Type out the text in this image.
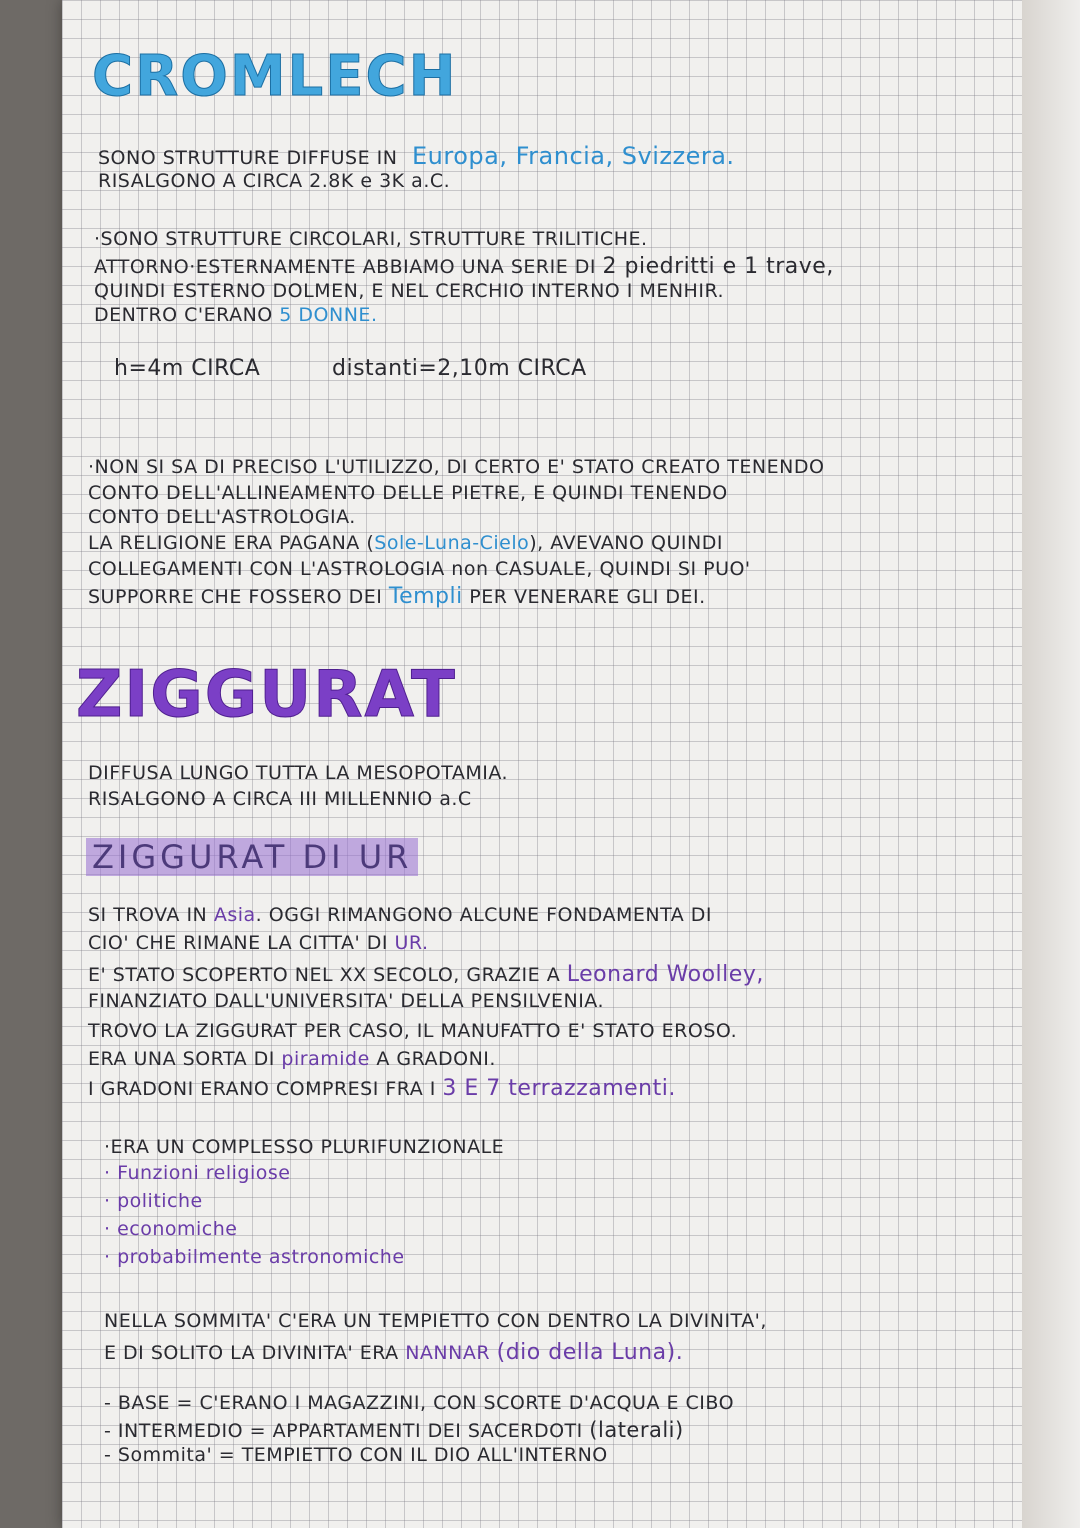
CROMLECH
SONO STRUTTURE DIFFUSE IN Europa, Francia, Svizzera.
RISALGONO A CIRCA 2.8K e 3K a.C.
·SONO STRUTTURE CIRCOLARI, STRUTTURE TRILITICHE.
ATTORNO·ESTERNAMENTE ABBIAMO UNA SERIE DI 2 piedritti e 1 trave,
QUINDI ESTERNO DOLMEN, E NEL CERCHIO INTERNO I MENHIR.
DENTRO C'ERANO 5 DONNE.
h=4m CIRCA	distanti=2,10m CIRCA
·NON SI SA DI PRECISO L'UTILIZZO, DI CERTO E' STATO CREATO TENENDO
CONTO DELL'ALLINEAMENTO DELLE PIETRE, E QUINDI TENENDO
CONTO DELL'ASTROLOGIA.
LA RELIGIONE ERA PAGANA (Sole-Luna-Cielo), AVEVANO QUINDI
COLLEGAMENTI CON L'ASTROLOGIA non CASUALE, QUINDI SI PUO'
SUPPORRE CHE FOSSERO DEI Templi PER VENERARE GLI DEI.
ZIGGURAT
DIFFUSA LUNGO TUTTA LA MESOPOTAMIA.
RISALGONO A CIRCA III MILLENNIO a.C
ZIGGURAT DI UR
SI TROVA IN Asia. OGGI RIMANGONO ALCUNE FONDAMENTA DI
CIO' CHE RIMANE LA CITTA' DI UR.
E' STATO SCOPERTO NEL XX SECOLO, GRAZIE A Leonard Woolley,
FINANZIATO DALL'UNIVERSITA' DELLA PENSILVENIA.
TROVO LA ZIGGURAT PER CASO, IL MANUFATTO E' STATO EROSO.
ERA UNA SORTA DI piramide A GRADONI.
I GRADONI ERANO COMPRESI FRA I 3 E 7 terrazzamenti.
·ERA UN COMPLESSO PLURIFUNZIONALE
· Funzioni religiose
· politiche
· economiche
· probabilmente astronomiche
NELLA SOMMITA' C'ERA UN TEMPIETTO CON DENTRO LA DIVINITA',
E DI SOLITO LA DIVINITA' ERA NANNAR (dio della Luna).
- BASE = C'ERANO I MAGAZZINI, CON SCORTE D'ACQUA E CIBO
- INTERMEDIO = APPARTAMENTI DEI SACERDOTI (laterali)
- Sommita' = TEMPIETTO CON IL DIO ALL'INTERNO
